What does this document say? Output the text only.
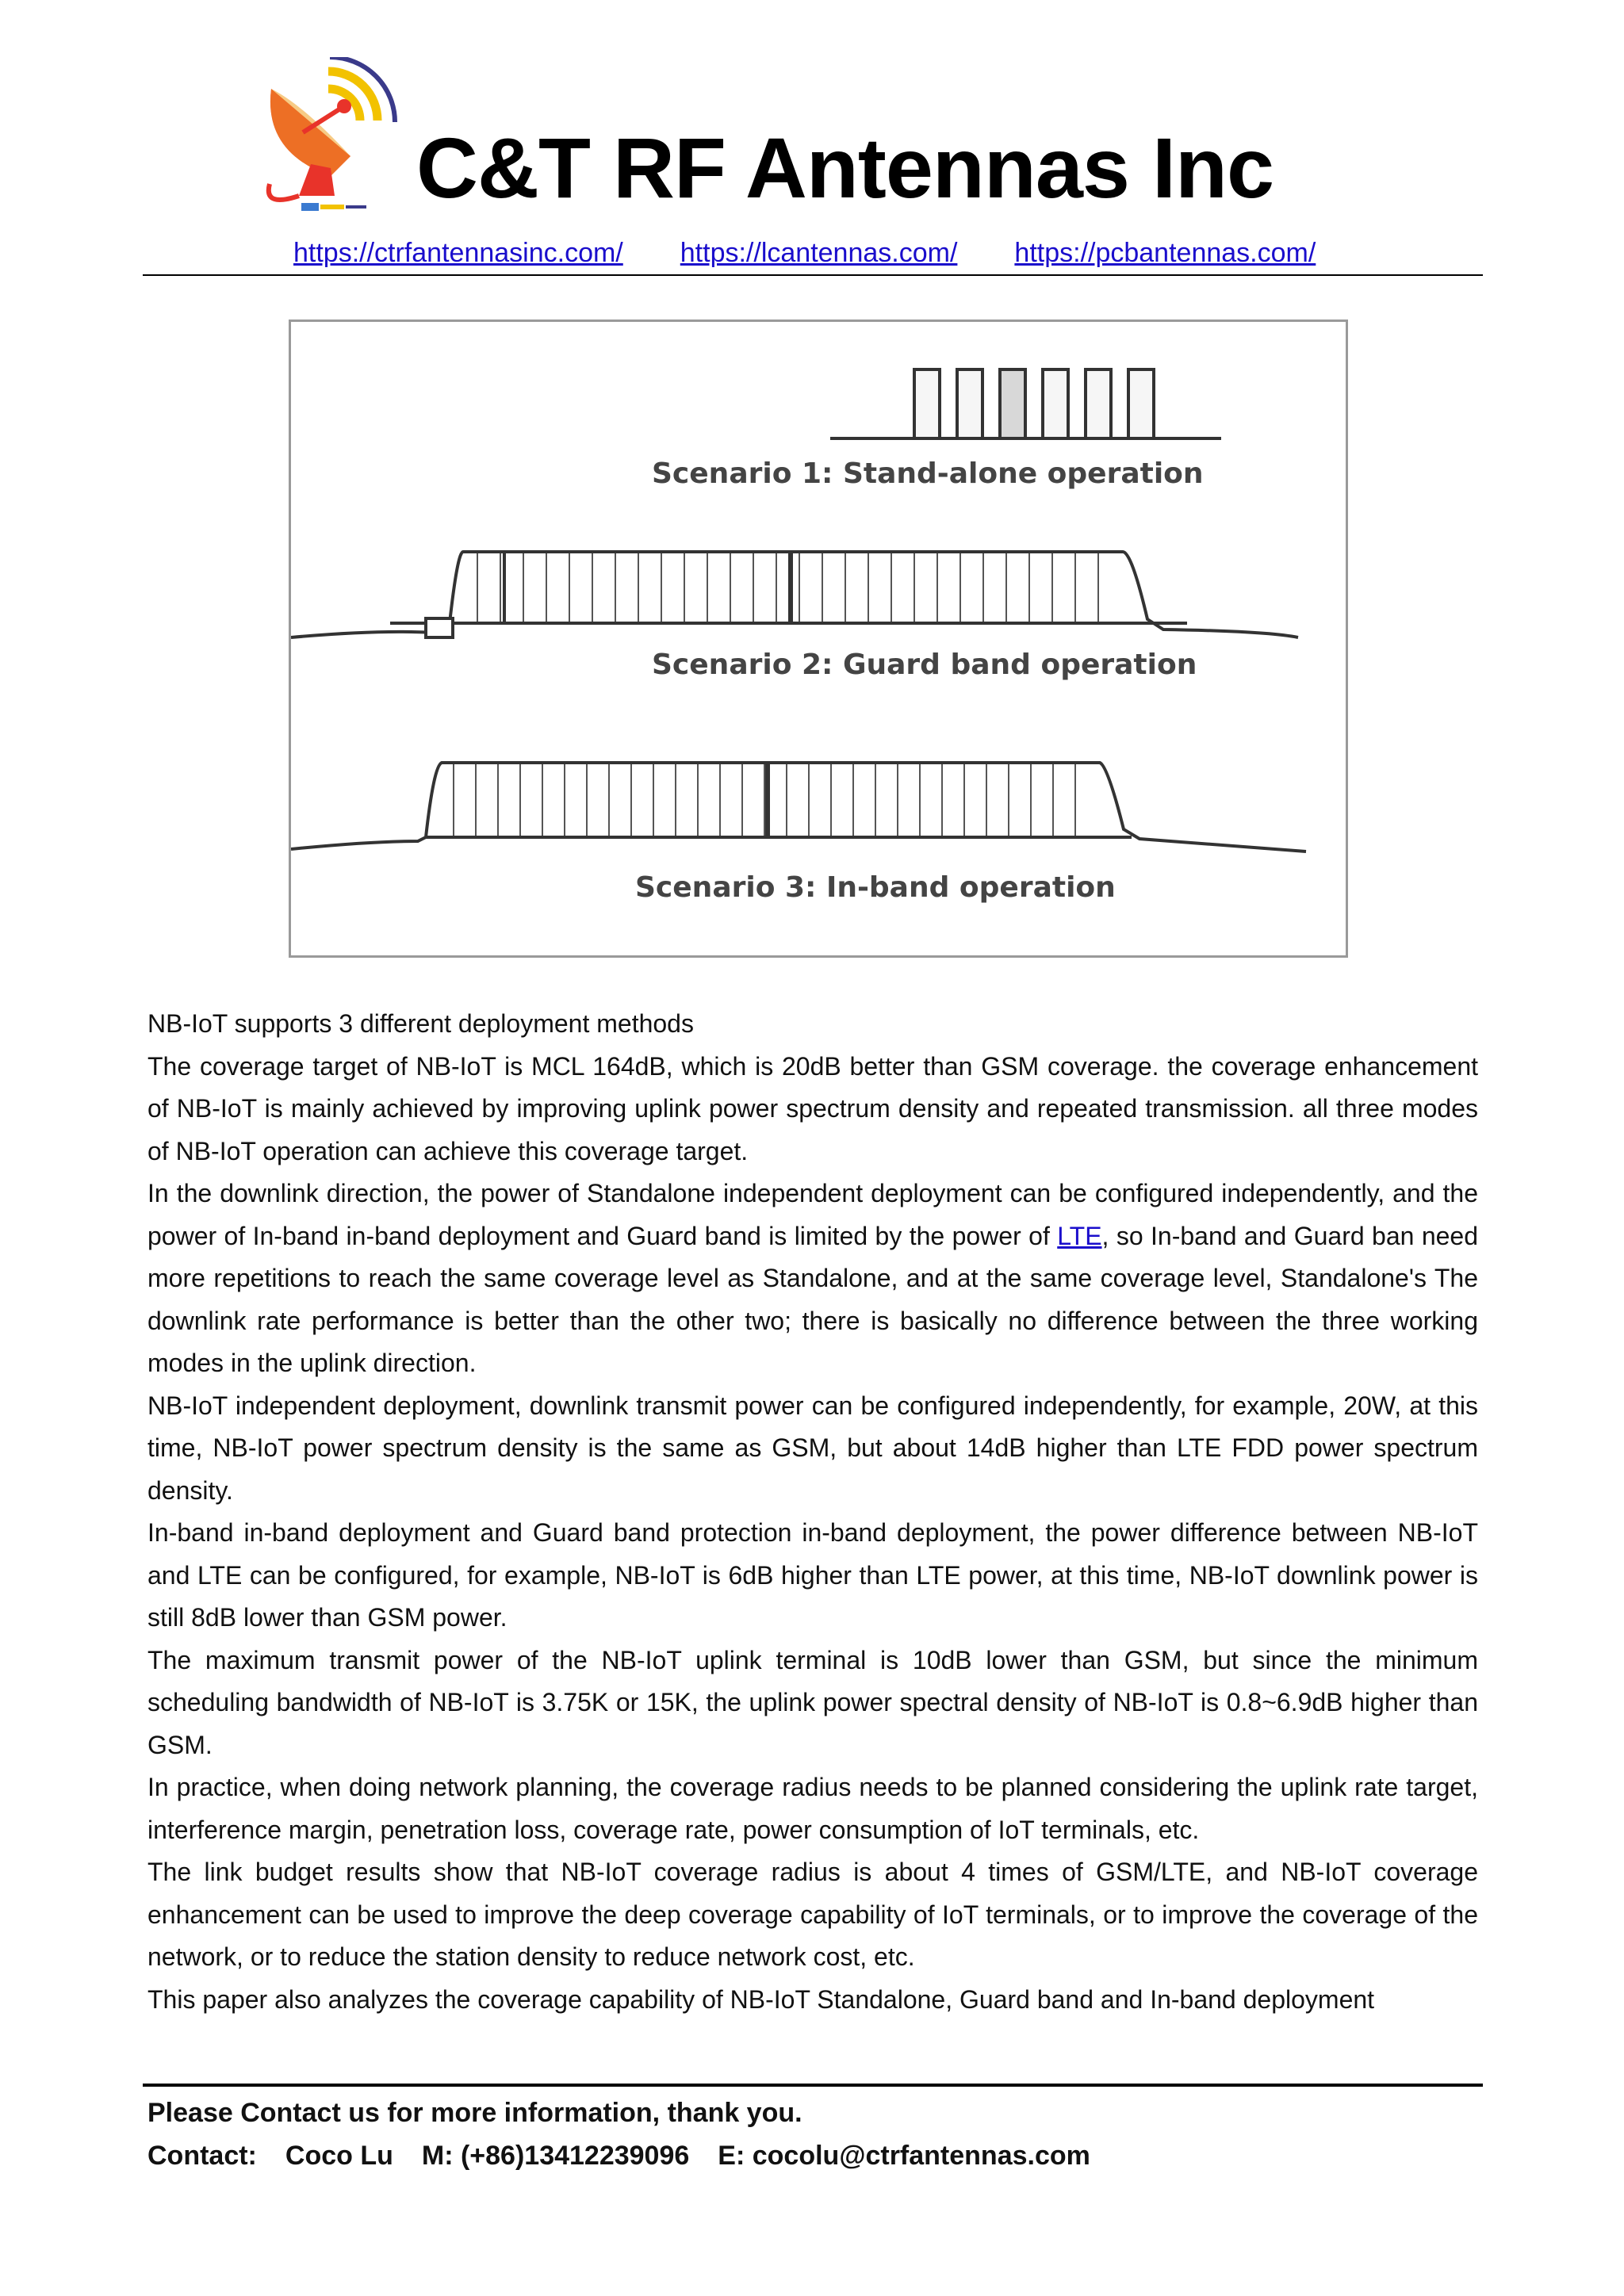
C&T RF Antennas Inc
https://ctrfantennasinc.com/ https://lcantennas.com/ https://pcbantennas.com/
Scenario 1: Stand-alone operation
Scenario 2: Guard band operation
Scenario 3: In-band operation

NB-IoT supports 3 different deployment methods

The coverage target of NB-IoT is MCL 164dB, which is 20dB better than GSM coverage. the coverage enhancement of NB-IoT is mainly achieved by improving uplink power spectrum density and repeated transmission. all three modes of NB-IoT operation can achieve this coverage target.

In the downlink direction, the power of Standalone independent deployment can be configured independently, and the power of In-band in-band deployment and Guard band is limited by the power of LTE, so In-band and Guard ban need more repetitions to reach the same coverage level as Standalone, and at the same coverage level, Standalone's The downlink rate performance is better than the other two; there is basically no difference between the three working modes in the uplink direction.

NB-IoT independent deployment, downlink transmit power can be configured independently, for example, 20W, at this time, NB-IoT power spectrum density is the same as GSM, but about 14dB higher than LTE FDD power spectrum density.

In-band in-band deployment and Guard band protection in-band deployment, the power difference between NB-IoT and LTE can be configured, for example, NB-IoT is 6dB higher than LTE power, at this time, NB-IoT downlink power is still 8dB lower than GSM power.

The maximum transmit power of the NB-IoT uplink terminal is 10dB lower than GSM, but since the minimum scheduling bandwidth of NB-IoT is 3.75K or 15K, the uplink power spectral density of NB-IoT is 0.8~6.9dB higher than GSM.

In practice, when doing network planning, the coverage radius needs to be planned considering the uplink rate target, interference margin, penetration loss, coverage rate, power consumption of IoT terminals, etc.

The link budget results show that NB-IoT coverage radius is about 4 times of GSM/LTE, and NB-IoT coverage enhancement can be used to improve the deep coverage capability of IoT terminals, or to improve the coverage of the network, or to reduce the station density to reduce network cost, etc.

This paper also analyzes the coverage capability of NB-IoT Standalone, Guard band and In-band deployment

Please Contact us for more information, thank you.
Contact: Coco Lu M: (+86)13412239096 E: cocolu@ctrfantennas.com
